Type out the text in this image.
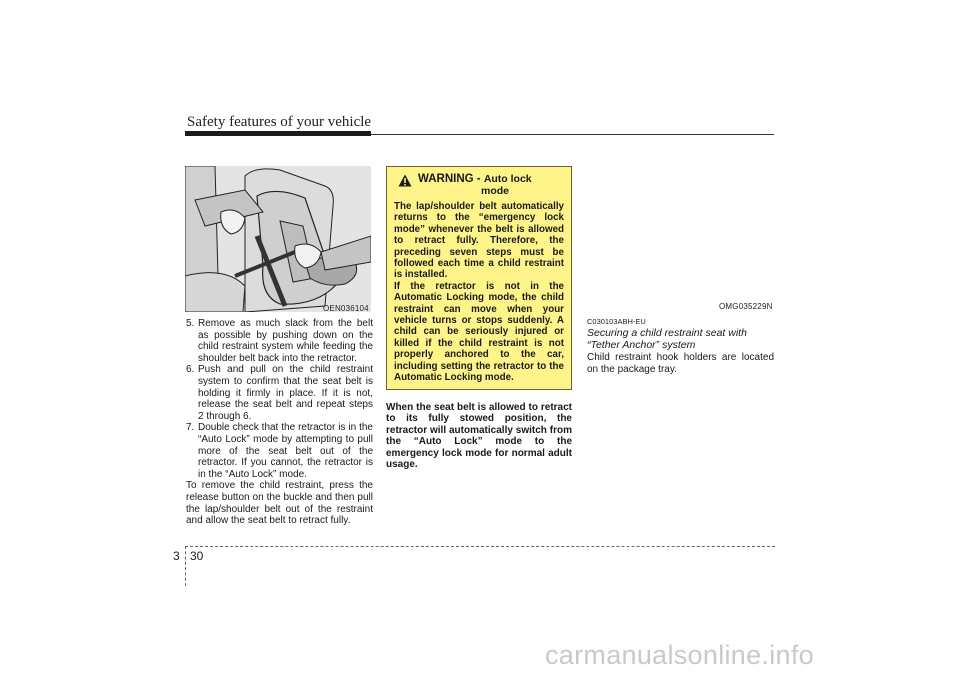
Safety features of your vehicle
OEN036104
5. Remove as much slack from the belt as possible by pushing down on the child restraint system while feeding the shoulder belt back into the retractor.
6. Push and pull on the child restraint system to confirm that the seat belt is holding it firmly in place. If it is not, release the seat belt and repeat steps 2 through 6.
7. Double check that the retractor is in the “Auto Lock” mode by attempting to pull more of the seat belt out of the retractor. If you cannot, the retractor is in the “Auto Lock” mode.

To remove the child restraint, press the release button on the buckle and then pull the lap/shoulder belt out of the restraint and allow the seat belt to retract fully.

WARNING - Auto lock
mode
The lap/shoulder belt automatically returns to the “emergency lock mode” whenever the belt is allowed to retract fully. Therefore, the preceding seven steps must be followed each time a child restraint is installed.
If the retractor is not in the Automatic Locking mode, the child restraint can move when your vehicle turns or stops suddenly. A child can be seriously injured or killed if the child restraint is not properly anchored to the car, including setting the retractor to the Automatic Locking mode.
When the seat belt is allowed to retract to its fully stowed position, the retractor will automatically switch from the “Auto Lock” mode to the emergency lock mode for normal adult usage.
OMG035229N
C030103ABH-EU
Securing a child restraint seat with “Tether Anchor” system
Child restraint hook holders are located on the package tray.
3 30
carmanualsonline.info
